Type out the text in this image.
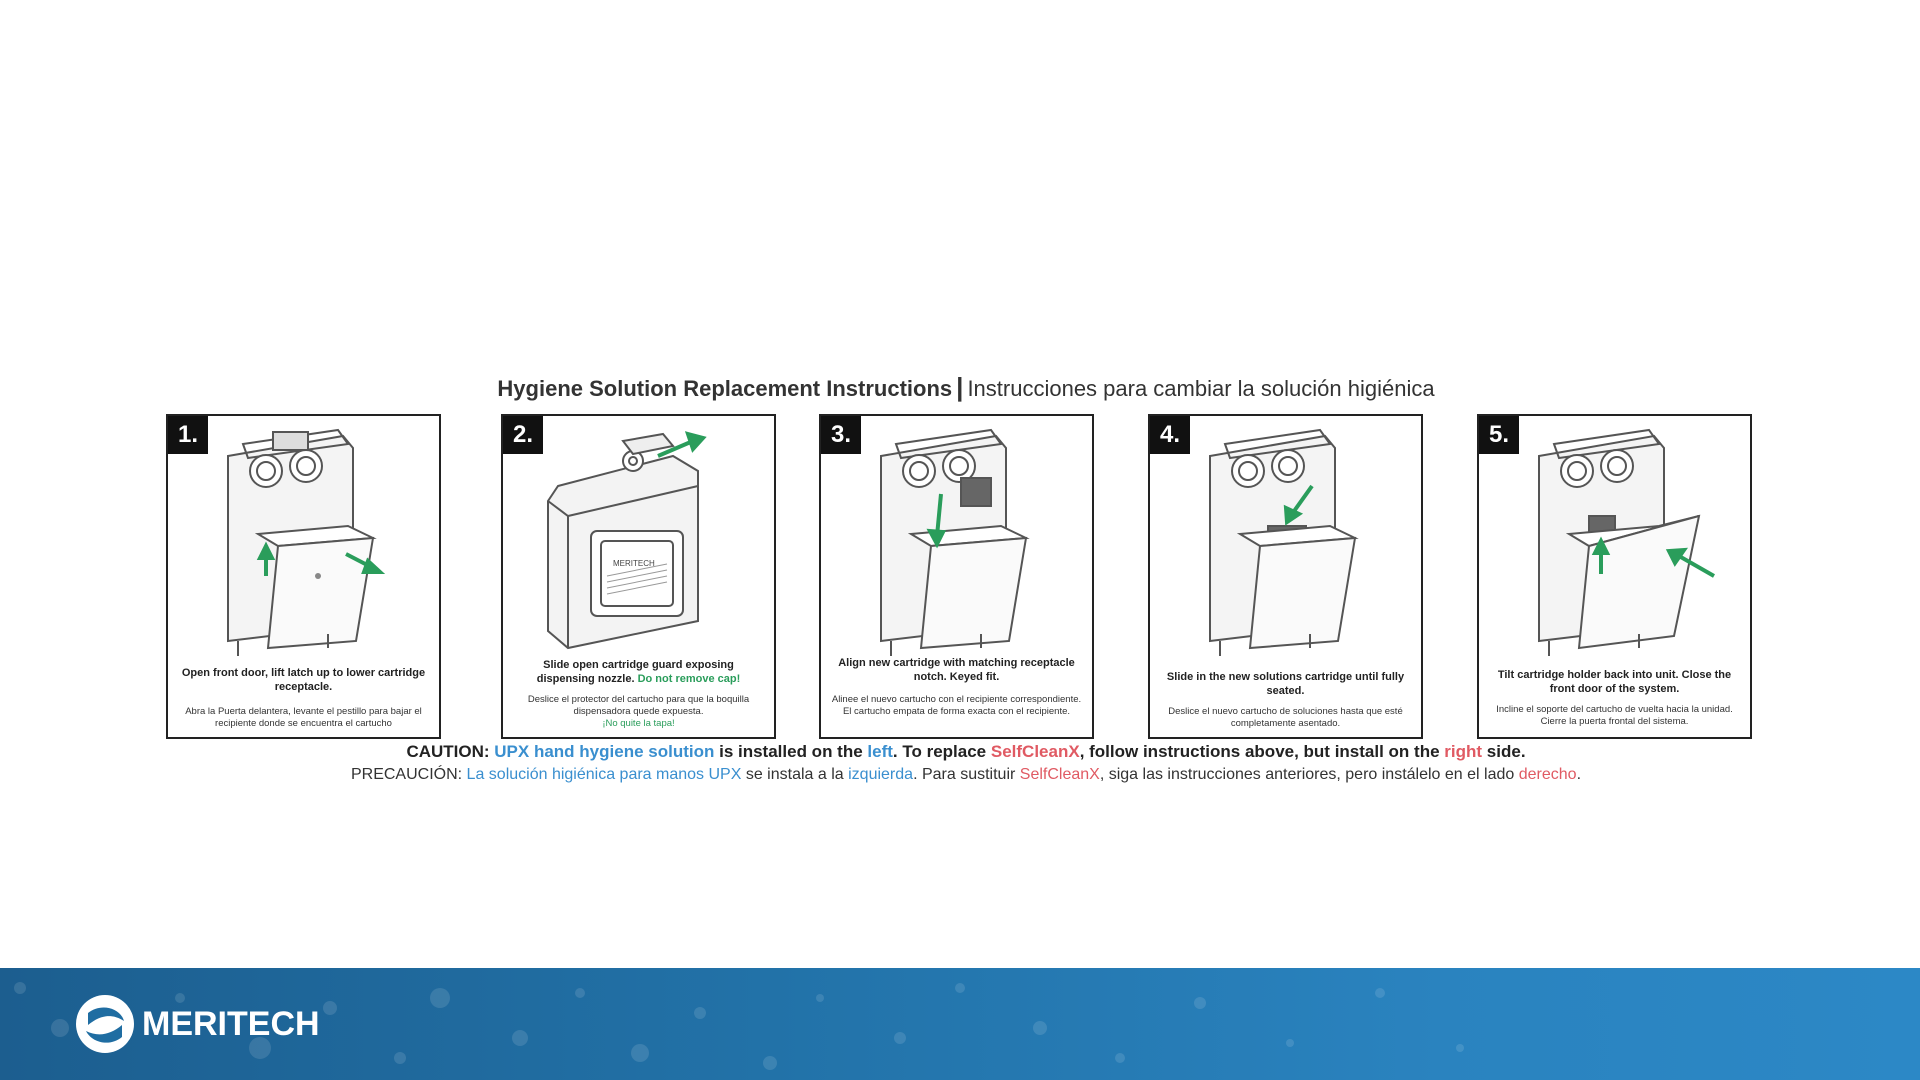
Hygiene Solution Replacement Instructions | Instrucciones para cambiar la solución higiénica
1.
Open front door, lift latch up to lower cartridge receptacle.
Abra la Puerta delantera, levante el pestillo para bajar el recipiente donde se encuentra el cartucho
MERITECH
2.
Slide open cartridge guard exposing dispensing nozzle. Do not remove cap!
Deslice el protector del cartucho para que la boquilla dispensadora quede expuesta.
¡No quite la tapa!
3.
Align new cartridge with matching receptacle notch. Keyed fit.
Alinee el nuevo cartucho con el recipiente correspondiente. El cartucho empata de forma exacta con el recipiente.
4.
Slide in the new solutions cartridge until fully seated.
Deslice el nuevo cartucho de soluciones hasta que esté completamente asentado.
5.
Tilt cartridge holder back into unit. Close the front door of the system.
Incline el soporte del cartucho de vuelta hacia la unidad. Cierre la puerta frontal del sistema.
CAUTION: UPX hand hygiene solution is installed on the left. To replace SelfCleanX, follow instructions above, but install on the right side.
PRECAUCIÓN: La solución higiénica para manos UPX se instala a la izquierda. Para sustituir SelfCleanX, siga las instrucciones anteriores, pero instálelo en el lado derecho.
MERITECH
